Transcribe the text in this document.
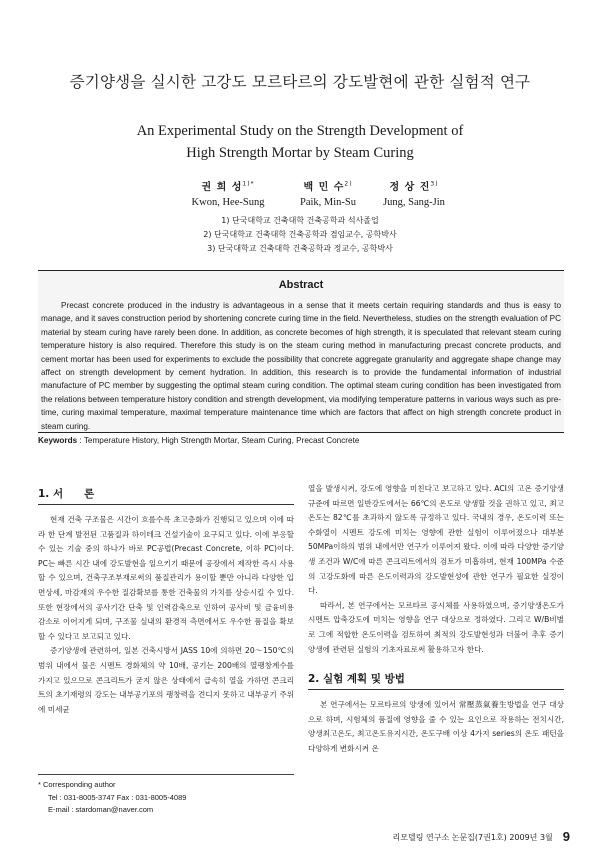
증기양생을 실시한 고강도 모르타르의 강도발현에 관한 실험적 연구
An Experimental Study on the Strength Development of
High Strength Mortar by Steam Curing
권 희 성$^{1)*}$
Kwon, Hee-Sung
백 민 수$^{2)}$
Paik, Min-Su
정 상 진$^{3)}$
Jung, Sang-Jin
1) 단국대학교 건축대학 건축공학과 석사졸업
2) 단국대학교 건축대학 건축공학과 겸임교수, 공학박사
3) 단국대학교 건축대학 건축공학과 정교수, 공학박사
Abstract

Precast concrete produced in the industry is advantageous in a sense that it meets certain requiring standards and thus is easy to manage, and it saves construction period by shortening concrete curing time in the field. Nevertheless, studies on the strength evaluation of PC material by steam curing have rarely been done. In addition, as concrete becomes of high strength, it is speculated that relevant steam curing temperature history is also required. Therefore this study is on the steam curing method in manufacturing precast concrete products, and cement mortar has been used for experiments to exclude the possibility that concrete aggregate granularity and aggregate shape change may affect on strength development by cement hydration. In addition, this research is to provide the fundamental information of industrial manufacture of PC member by suggesting the optimal steam curing condition. The optimal steam curing condition has been investigated from the relations between temperature history condition and strength development, via modifying temperature patterns in various ways such as pre-time, curing maximal temperature, maximal temperature maintenance time which are factors that affect on high strength concrete product in steam curing.

Keywords : Temperature History, High Strength Mortar, Steam Curing, Precast Concrete
1. 서　　론

현재 건축 구조물은 시간이 흐를수록 초고층화가 진행되고 있으며 이에 따라 한 단계 발전된 고품질과 하이테크 건설기술이 요구되고 있다. 이에 부응할 수 있는 기술 중의 하나가 바로 PC공법(Precast Concrete, 이하 PC)이다. PC는 빠른 시간 내에 강도발현을 일으키기 때문에 공장에서 제작한 즉시 사용할 수 있으며, 건축구조부재로써의 품질관리가 용이할 뿐만 아니라 다양한 입면상세, 마감재의 우수한 질감확보를 통한 건축물의 가치를 상승시킬 수 있다. 또한 현장에서의 공사기간 단축 및 인력감축으로 인하여 공사비 및 금융비용 감소로 이어지게 되며, 구조물 실내의 환경적 측면에서도 우수한 품질을 확보할 수 있다고 보고되고 있다.

증기양생에 관련하여, 일본 건축시방서 JASS 10에 의하면 20～150℃의 범위 내에서 물은 시멘트 경화체의 약 10배, 공기는 200배의 열팽창계수를 가지고 있으므로 콘크리트가 굳지 않은 상태에서 급속히 열을 가하면 콘크리트의 초기재령의 강도는 내부공기포의 팽창력을 견디지 못하고 내부공기 주위에 미세균

열을 발생시켜, 강도에 영향을 미친다고 보고하고 있다. ACI의 고온 증기양생 규준에 따르면 일반강도에서는 66℃의 온도로 양생할 것을 권하고 있고, 최고온도는 82℃를 초과하지 않도록 규정하고 있다. 국내의 경우, 온도이력 또는 수화열이 시멘트 강도에 미치는 영향에 관한 실험이 이루어졌으나 대부분 50MPa이하의 범위 내에서만 연구가 이루어져 왔다. 이에 따라 다양한 증기양생 조건과 W/C에 따른 콘크리트에서의 검토가 미흡하며, 현재 100MPa 수준의 고강도화에 따른 온도이력과의 강도발현성에 관한 연구가 필요한 실정이다.

따라서, 본 연구에서는 모르타르 공시체를 사용하였으며, 증기양생온도가 시멘트 압축강도에 미치는 영향을 연구 대상으로 정하였다. 그리고 W/B비별로 그에 적합한 온도이력을 검토하여 최적의 강도발현성과 더불어 추후 증기양생에 관련된 실험의 기초자료로써 활용하고자 한다.

2. 실험 계획 및 방법

본 연구에서는 모르타르의 양생에 있어서 常壓蒸氣養生방법을 연구 대상으로 하며, 시험체의 품질에 영향을 줄 수 있는 요인으로 작용하는 전치시간, 양생최고온도, 최고온도유지시간, 온도구배 이상 4가지 series의 온도 패턴을 다양하게 변화시켜 온

* Corresponding author
Tel : 031-8005-3747 Fax : 031-8005-4089
E-mail : stardoman@naver.com
리모델링 연구소 논문집(7권1호) 2009년 3월 9
